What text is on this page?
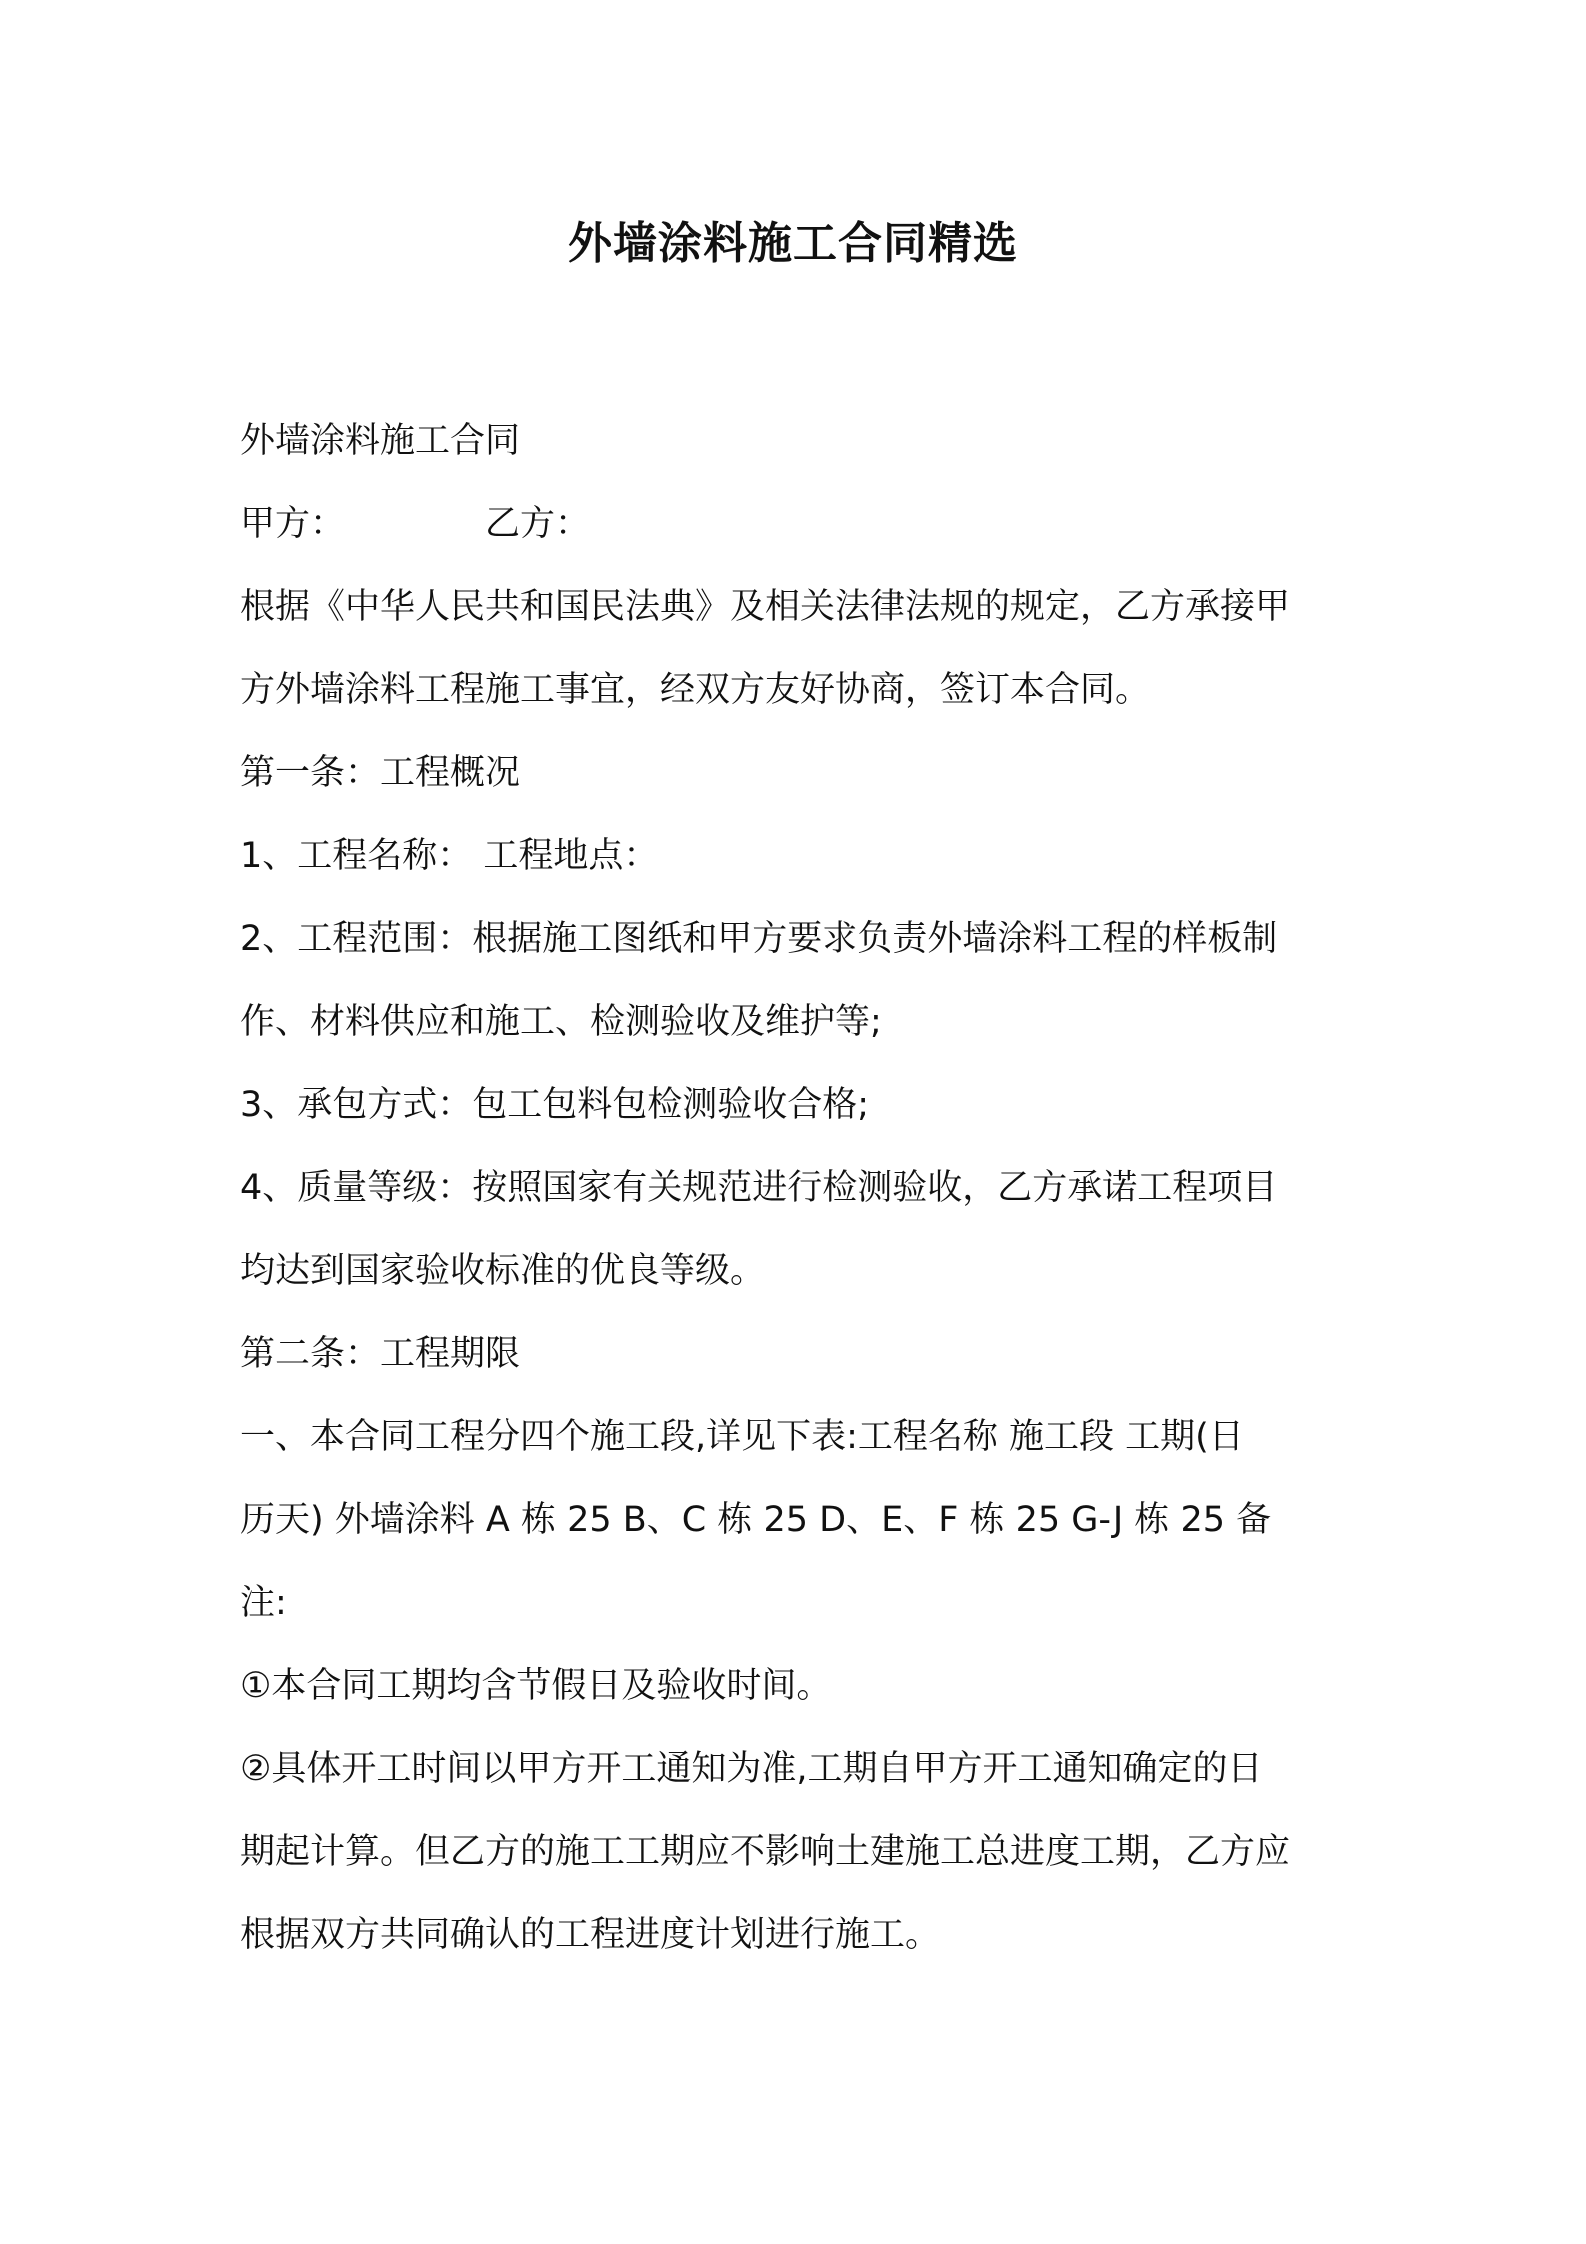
外墙涂料施工合同精选
外墙涂料施工合同
甲方：	乙方：
根据《中华人民共和国民法典》及相关法律法规的规定，乙方承接甲
方外墙涂料工程施工事宜，经双方友好协商，签订本合同。
第一条：工程概况
1、工程名称： 工程地点：
2、工程范围：根据施工图纸和甲方要求负责外墙涂料工程的样板制
作、材料供应和施工、检测验收及维护等;
3、承包方式：包工包料包检测验收合格;
4、质量等级：按照国家有关规范进行检测验收，乙方承诺工程项目
均达到国家验收标准的优良等级。
第二条：工程期限
一、本合同工程分四个施工段,详见下表:工程名称 施工段 工期(日
历天) 外墙涂料 A 栋 25 B、C 栋 25 D、E、F 栋 25 G-J 栋 25 备
注:
①本合同工期均含节假日及验收时间。
②具体开工时间以甲方开工通知为准,工期自甲方开工通知确定的日
期起计算。但乙方的施工工期应不影响土建施工总进度工期，乙方应
根据双方共同确认的工程进度计划进行施工。
